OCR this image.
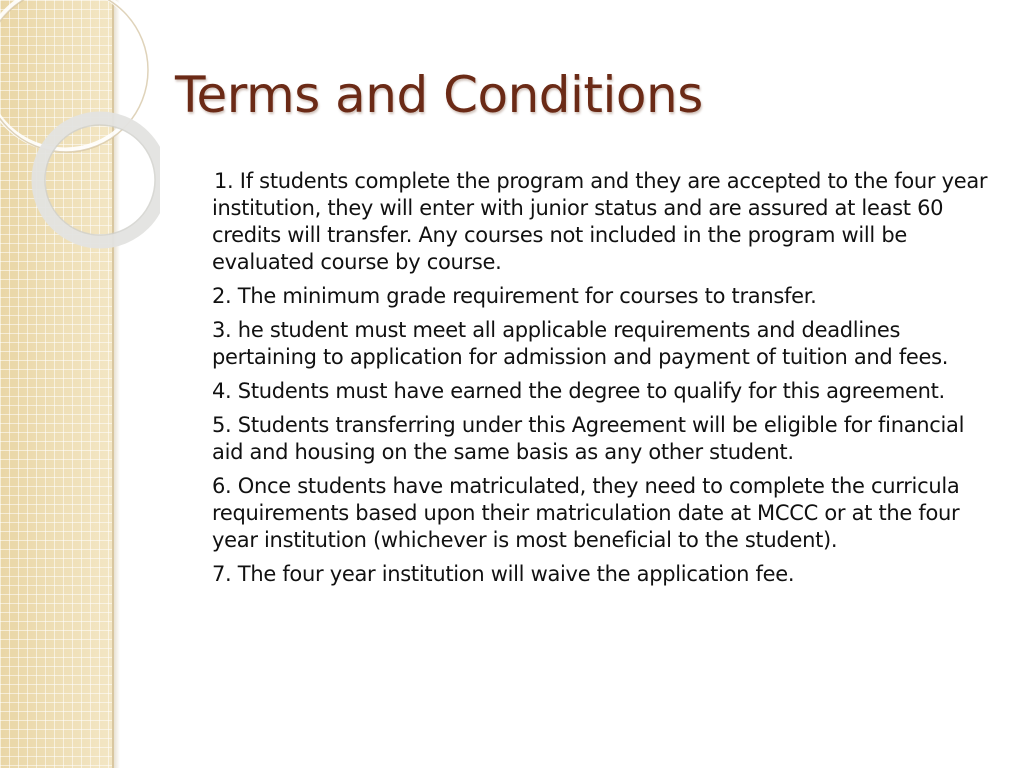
Terms and Conditions

1. If students complete the program and they are accepted to the four year institution, they will enter with junior status and are assured at least 60 credits will transfer. Any courses not included in the program will be evaluated course by course.

2. The minimum grade requirement for courses to transfer.

3. he student must meet all applicable requirements and deadlines pertaining to application for admission and payment of tuition and fees.

4. Students must have earned the degree to qualify for this agreement.

5. Students transferring under this Agreement will be eligible for financial aid and housing on the same basis as any other student.

6. Once students have matriculated, they need to complete the curricula requirements based upon their matriculation date at MCCC or at the four year institution (whichever is most beneficial to the student).

7. The four year institution will waive the application fee.
